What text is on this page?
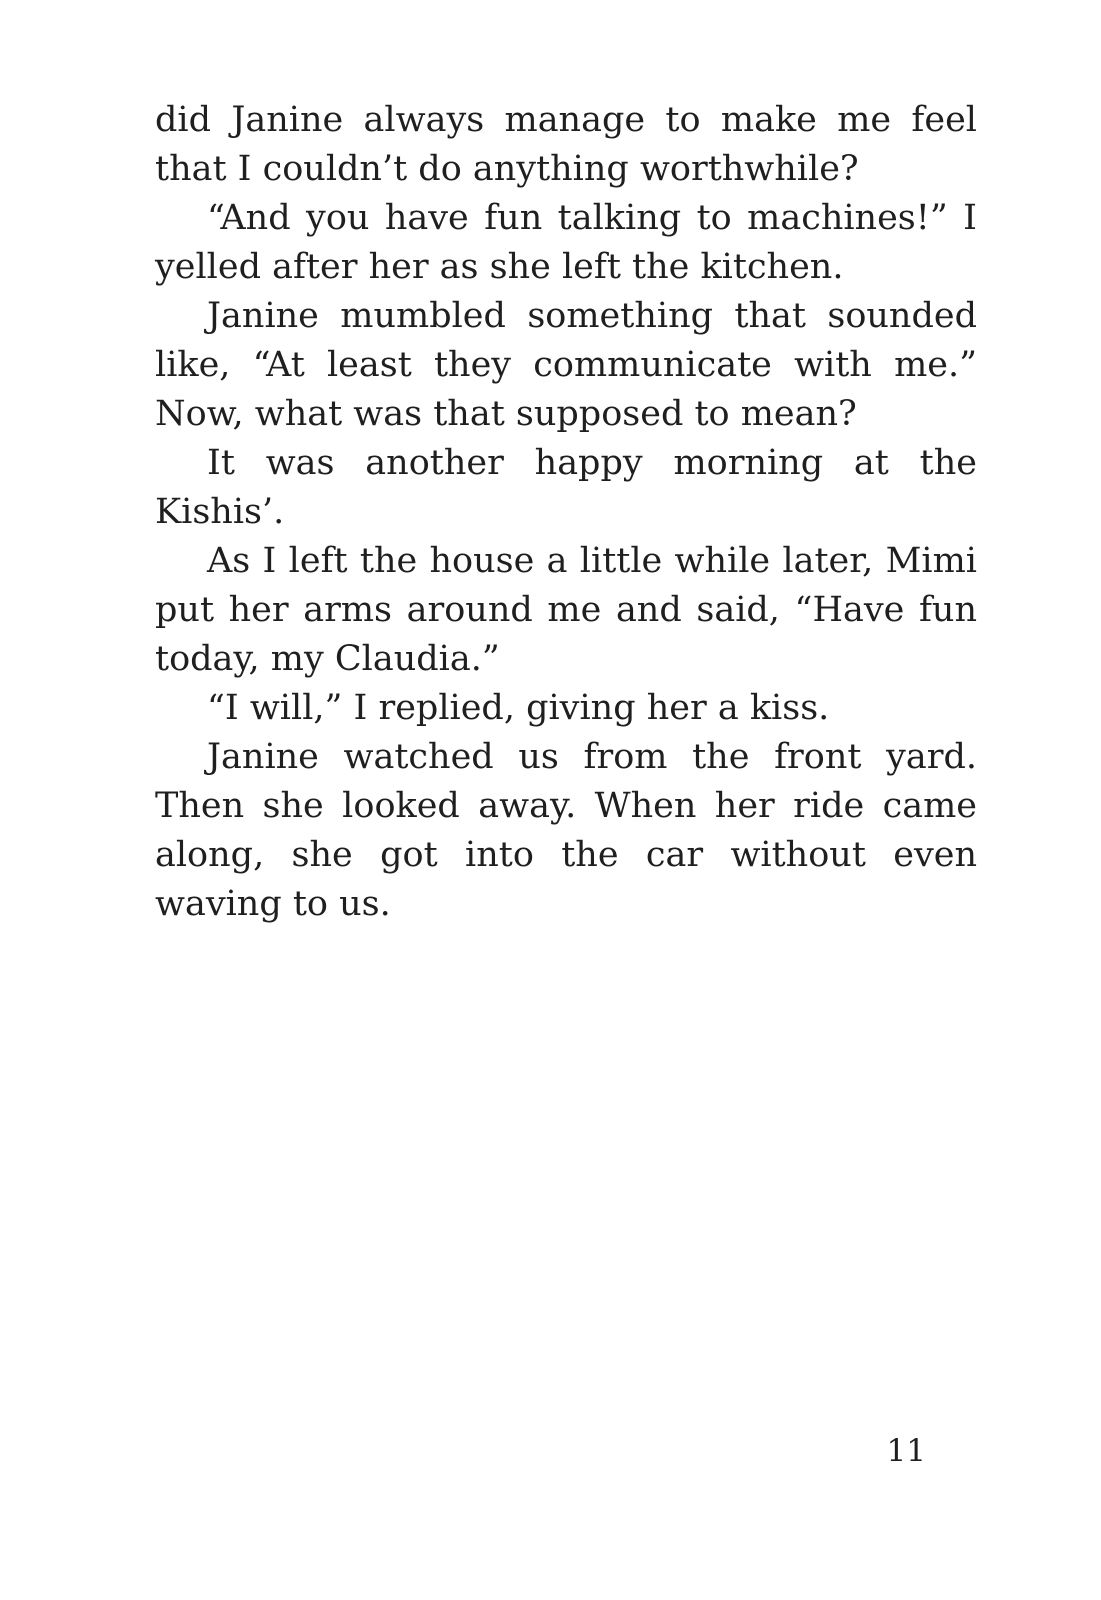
did Janine always manage to make me feel that I couldn’t do anything worthwhile?

“And you have fun talking to machines!” I yelled after her as she left the kitchen.

Janine mumbled something that sounded like, “At least they communicate with me.” Now, what was that supposed to mean?

It was another happy morning at the Kishis’.

As I left the house a little while later, Mimi put her arms around me and said, “Have fun today, my Claudia.”

“I will,” I replied, giving her a kiss.

Janine watched us from the front yard. Then she looked away. When her ride came along, she got into the car without even waving to us.

11
